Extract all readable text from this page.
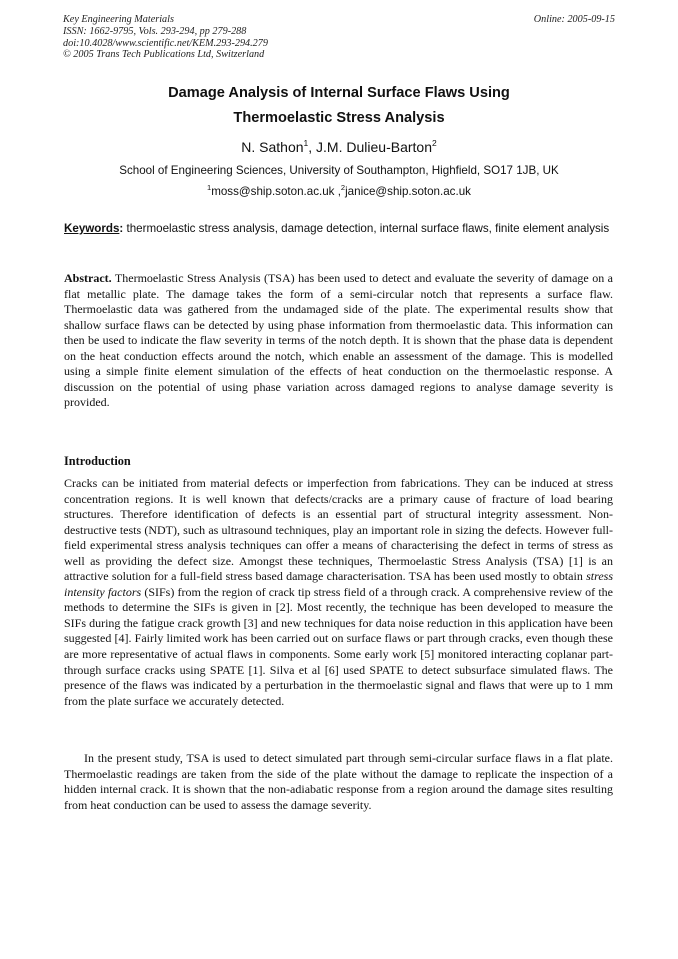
Key Engineering Materials
ISSN: 1662-9795, Vols. 293-294, pp 279-288
doi:10.4028/www.scientific.net/KEM.293-294.279
© 2005 Trans Tech Publications Ltd, Switzerland
Online: 2005-09-15
Damage Analysis of Internal Surface Flaws Using
Thermoelastic Stress Analysis
N. Sathon$^1$, J.M. Dulieu-Barton$^2$
School of Engineering Sciences, University of Southampton, Highfield, SO17 1JB, UK
$^1$moss@ship.soton.ac.uk ,$^2$janice@ship.soton.ac.uk
Keywords: thermoelastic stress analysis, damage detection, internal surface flaws, finite element analysis
Abstract. Thermoelastic Stress Analysis (TSA) has been used to detect and evaluate the severity of damage on a flat metallic plate. The damage takes the form of a semi-circular notch that represents a surface flaw. Thermoelastic data was gathered from the undamaged side of the plate. The experimental results show that shallow surface flaws can be detected by using phase information from thermoelastic data. This information can then be used to indicate the flaw severity in terms of the notch depth. It is shown that the phase data is dependent on the heat conduction effects around the notch, which enable an assessment of the damage. This is modelled using a simple finite element simulation of the effects of heat conduction on the thermoelastic response. A discussion on the potential of using phase variation across damaged regions to analyse damage severity is provided.
Introduction
Cracks can be initiated from material defects or imperfection from fabrications. They can be induced at stress concentration regions. It is well known that defects/cracks are a primary cause of fracture of load bearing structures. Therefore identification of defects is an essential part of structural integrity assessment. Non-destructive tests (NDT), such as ultrasound techniques, play an important role in sizing the defects. However full-field experimental stress analysis techniques can offer a means of characterising the defect in terms of stress as well as providing the defect size. Amongst these techniques, Thermoelastic Stress Analysis (TSA) [1] is an attractive solution for a full-field stress based damage characterisation. TSA has been used mostly to obtain stress intensity factors (SIFs) from the region of crack tip stress field of a through crack. A comprehensive review of the methods to determine the SIFs is given in [2]. Most recently, the technique has been developed to measure the SIFs during the fatigue crack growth [3] and new techniques for data noise reduction in this application have been suggested [4]. Fairly limited work has been carried out on surface flaws or part through cracks, even though these are more representative of actual flaws in components. Some early work [5] monitored interacting coplanar part-through surface cracks using SPATE [1]. Silva et al [6] used SPATE to detect subsurface simulated flaws. The presence of the flaws was indicated by a perturbation in the thermoelastic signal and flaws that were up to 1 mm from the plate surface we accurately detected.
In the present study, TSA is used to detect simulated part through semi-circular surface flaws in a flat plate. Thermoelastic readings are taken from the side of the plate without the damage to replicate the inspection of a hidden internal crack. It is shown that the non-adiabatic response from a region around the damage sites resulting from heat conduction can be used to assess the damage severity.
